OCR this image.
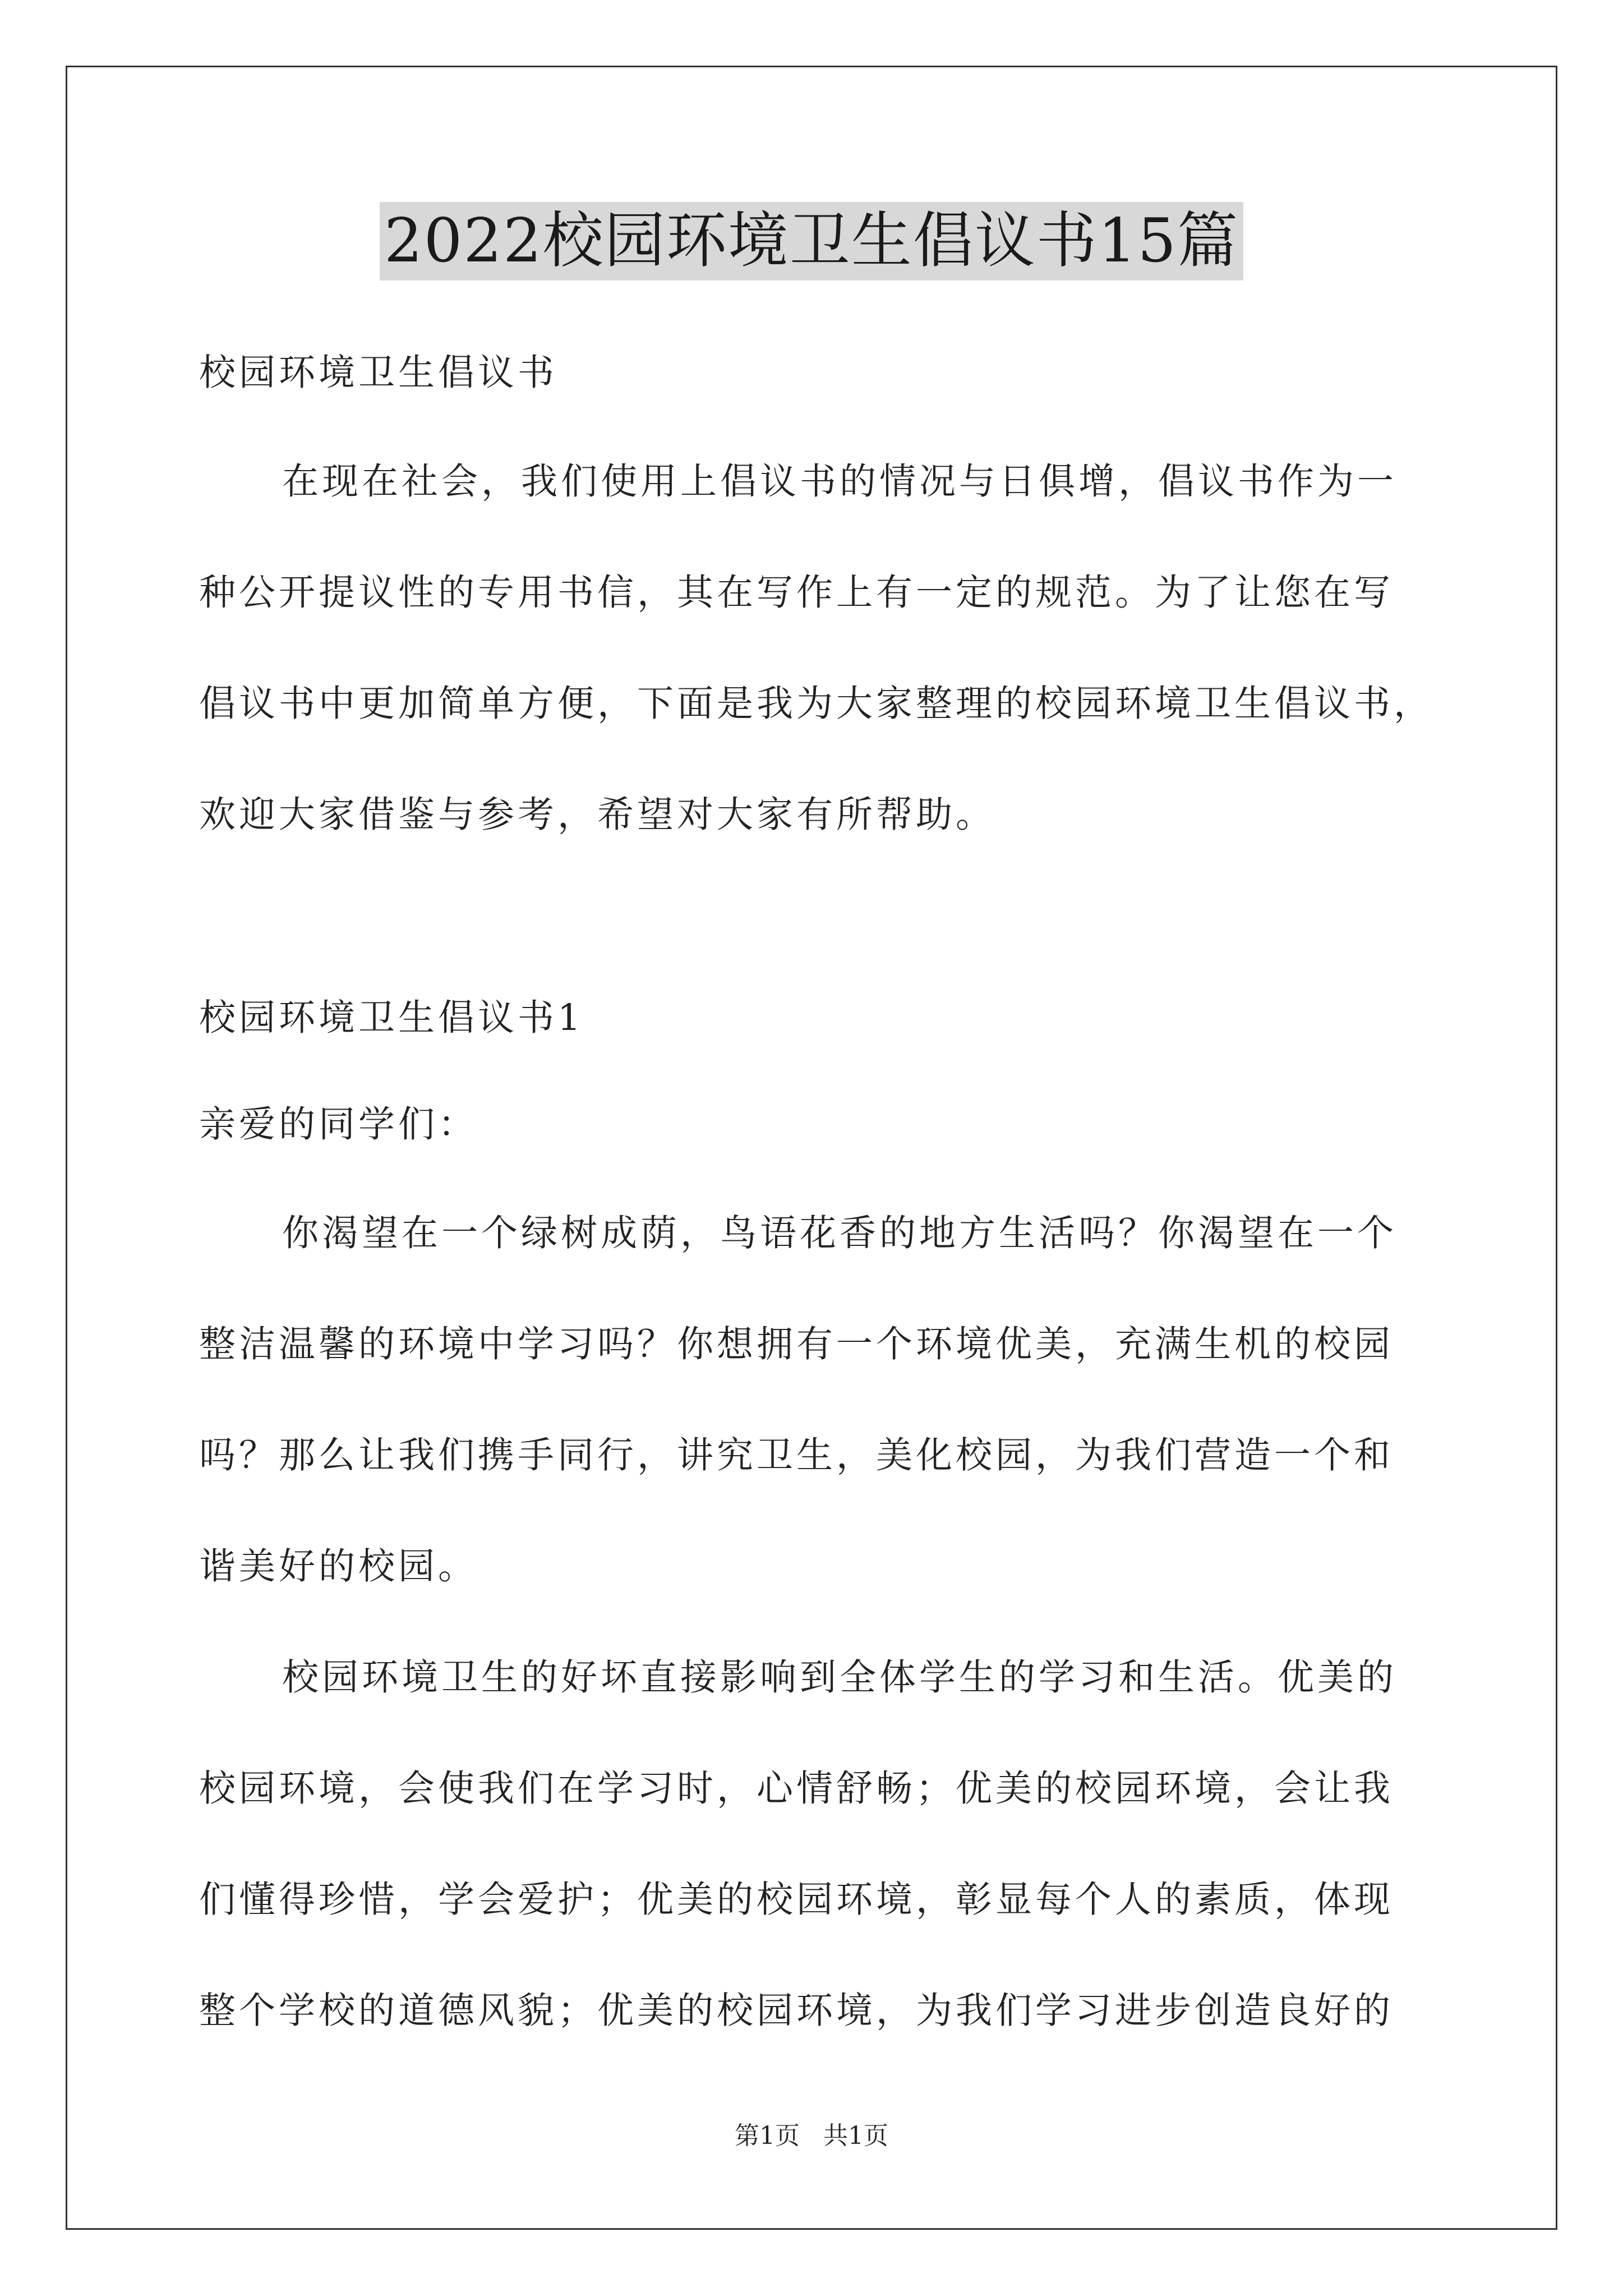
2022校园环境卫生倡议书15篇
校园环境卫生倡议书
在现在社会，我们使用上倡议书的情况与日俱增，倡议书作为一
种公开提议性的专用书信，其在写作上有一定的规范。为了让您在写
倡议书中更加简单方便，下面是我为大家整理的校园环境卫生倡议书，
欢迎大家借鉴与参考，希望对大家有所帮助。
校园环境卫生倡议书1
亲爱的同学们：
你渴望在一个绿树成荫，鸟语花香的地方生活吗？你渴望在一个
整洁温馨的环境中学习吗？你想拥有一个环境优美，充满生机的校园
吗？那么让我们携手同行，讲究卫生，美化校园，为我们营造一个和
谐美好的校园。
校园环境卫生的好坏直接影响到全体学生的学习和生活。优美的
校园环境，会使我们在学习时，心情舒畅；优美的校园环境，会让我
们懂得珍惜，学会爱护；优美的校园环境，彰显每个人的素质，体现
整个学校的道德风貌；优美的校园环境，为我们学习进步创造良好的
第1页   共1页
